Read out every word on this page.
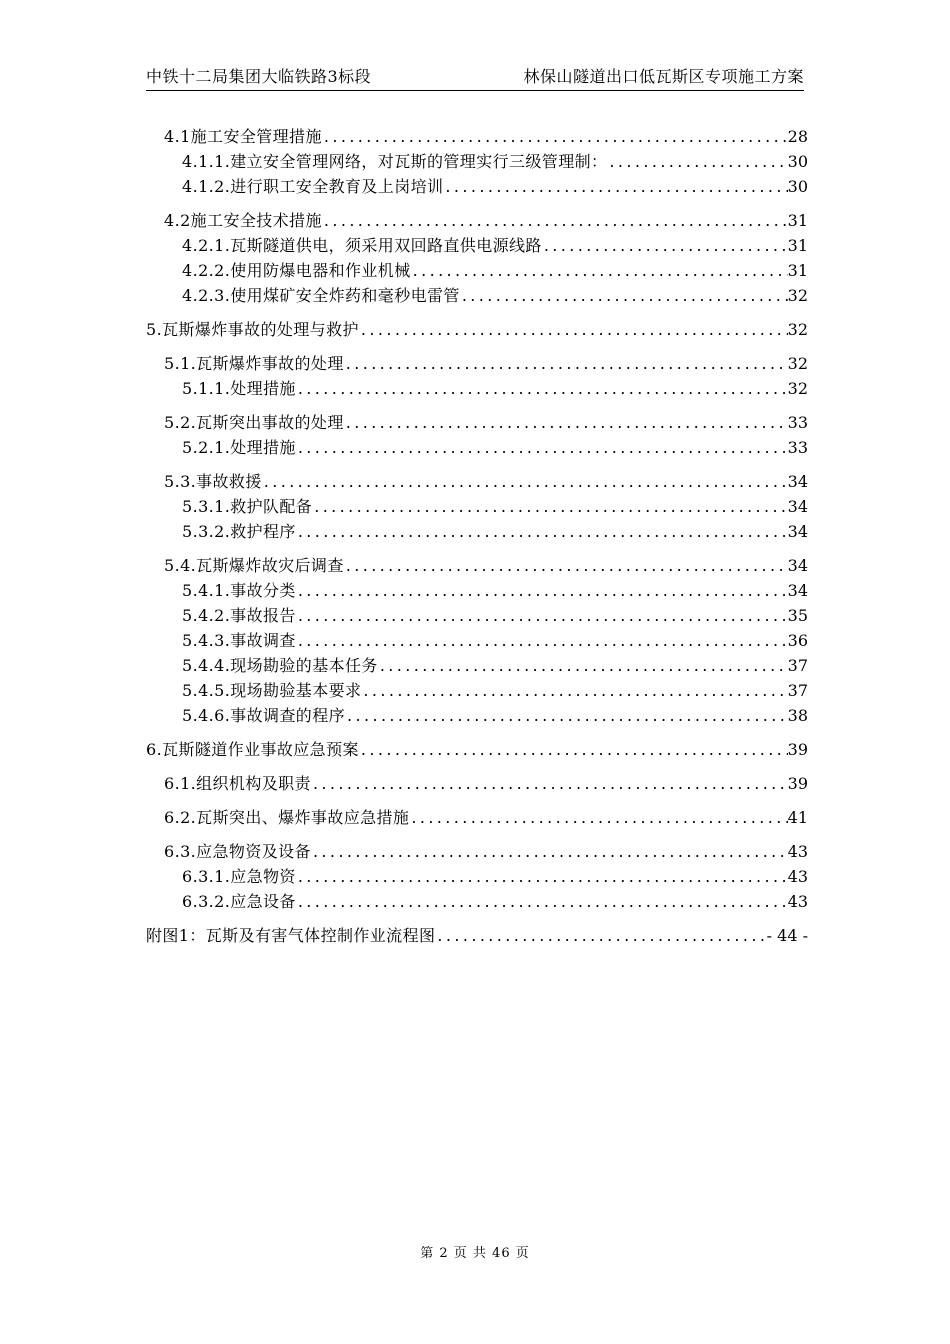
中铁十二局集团大临铁路3标段	林保山隧道出口低瓦斯区专项施工方案
4.1施工安全管理措施 .....	28
4.1.1.建立安全管理网络，对瓦斯的管理实行三级管理制： .....	30
4.1.2.进行职工安全教育及上岗培训 .....	30
4.2施工安全技术措施 .....	31
4.2.1.瓦斯隧道供电，须采用双回路直供电源线路 .....	31
4.2.2.使用防爆电器和作业机械 .....	31
4.2.3.使用煤矿安全炸药和毫秒电雷管 .....	32
5.瓦斯爆炸事故的处理与救护 .....	32
5.1.瓦斯爆炸事故的处理 .....	32
5.1.1.处理措施 .....	32
5.2.瓦斯突出事故的处理 .....	33
5.2.1.处理措施 .....	33
5.3.事故救援 .....	34
5.3.1.救护队配备 .....	34
5.3.2.救护程序 .....	34
5.4.瓦斯爆炸故灾后调查 .....	34
5.4.1.事故分类 .....	34
5.4.2.事故报告 .....	35
5.4.3.事故调查 .....	36
5.4.4.现场勘验的基本任务 .....	37
5.4.5.现场勘验基本要求 .....	37
5.4.6.事故调查的程序 .....	38
6.瓦斯隧道作业事故应急预案 .....	39
6.1.组织机构及职责 .....	39
6.2.瓦斯突出、爆炸事故应急措施 .....	41
6.3.应急物资及设备 .....	43
6.3.1.应急物资 .....	43
6.3.2.应急设备 .....	43
附图1：瓦斯及有害气体控制作业流程图 .....	- 44 -
第 2 页 共 46 页
